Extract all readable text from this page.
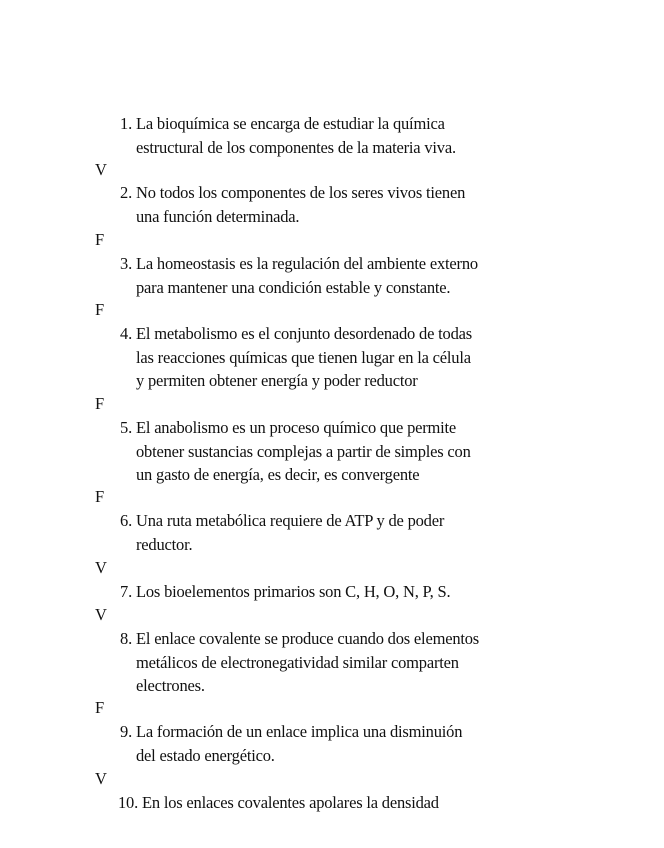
1. La bioquímica se encarga de estudiar la química
estructural de los componentes de la materia viva.
V
2. No todos los componentes de los seres vivos tienen
una función determinada.
F
3. La homeostasis es la regulación del ambiente externo
para mantener una condición estable y constante.
F
4. El metabolismo es el conjunto desordenado de todas
las reacciones químicas que tienen lugar en la célula
y permiten obtener energía y poder reductor
F
5. El anabolismo es un proceso químico que permite
obtener sustancias complejas a partir de simples con
un gasto de energía, es decir, es convergente
F
6. Una ruta metabólica requiere de ATP y de poder
reductor.
V
7. Los bioelementos primarios son C, H, O, N, P, S.
V
8. El enlace covalente se produce cuando dos elementos
metálicos de electronegatividad similar comparten
electrones.
F
9. La formación de un enlace implica una disminuión
del estado energético.
V
10. En los enlaces covalentes apolares la densidad
